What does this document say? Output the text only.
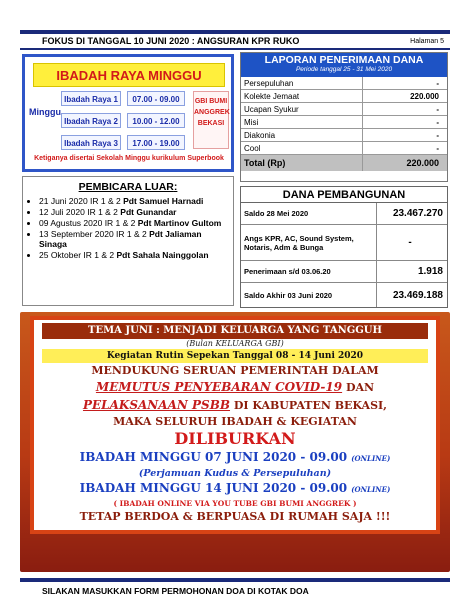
FOKUS DI TANGGAL 10 JUNI 2020 : ANGSURAN KPR RUKO	Halaman 5
IBADAH RAYA MINGGU
Minggu
Ibadah Raya 1	07.00 - 09.00
Ibadah Raya 2	10.00 - 12.00
Ibadah Raya 3	17.00 - 19.00
GBI BUMI ANGGREK BEKASI
Ketiganya disertai Sekolah Minggu kurikulum Superbook
LAPORAN PENERIMAAN DANA
Periode tanggal 25 - 31 Mei 2020
Persepuluhan	-
Kolekte Jemaat	220.000
Ucapan Syukur	-
Misi	-
Diakonia	-
Cool	-
Total (Rp)	220.000
PEMBICARA LUAR:
• 21 Juni 2020 IR 1 & 2 Pdt Samuel Harnadi
• 12 Juli 2020 IR 1 & 2 Pdt Gunandar
• 09 Agustus 2020 IR 1 & 2 Pdt Martinov Gultom
• 13 September 2020 IR 1 & 2 Pdt Jaliaman Sinaga
• 25 Oktober IR 1 & 2 Pdt Sahala Nainggolan
DANA PEMBANGUNAN
Saldo 28 Mei 2020	23.467.270
Angs KPR, AC, Sound System, Notaris, Adm & Bunga	-
Penerimaan s/d 03.06.20	1.918
Saldo Akhir 03 Juni 2020	23.469.188
TEMA JUNI : MENJADI KELUARGA YANG TANGGUH
(Bulan KELUARGA GBI)
Kegiatan Rutin Sepekan Tanggal 08 - 14 Juni 2020
MENDUKUNG SERUAN PEMERINTAH DALAM
MEMUTUS PENYEBARAN COVID-19 DAN
PELAKSANAAN PSBB DI KABUPATEN BEKASI,
MAKA SELURUH IBADAH & KEGIATAN
DILIBURKAN
IBADAH MINGGU 07 JUNI 2020 - 09.00 (ONLINE)
(Perjamuan Kudus & Persepuluhan)
IBADAH MINGGU 14 JUNI 2020 - 09.00 (ONLINE)
( IBADAH ONLINE VIA YOU TUBE GBI BUMI ANGGREK )
TETAP BERDOA & BERPUASA DI RUMAH SAJA !!!
SILAKAN MASUKKAN FORM PERMOHONAN DOA DI KOTAK DOA
